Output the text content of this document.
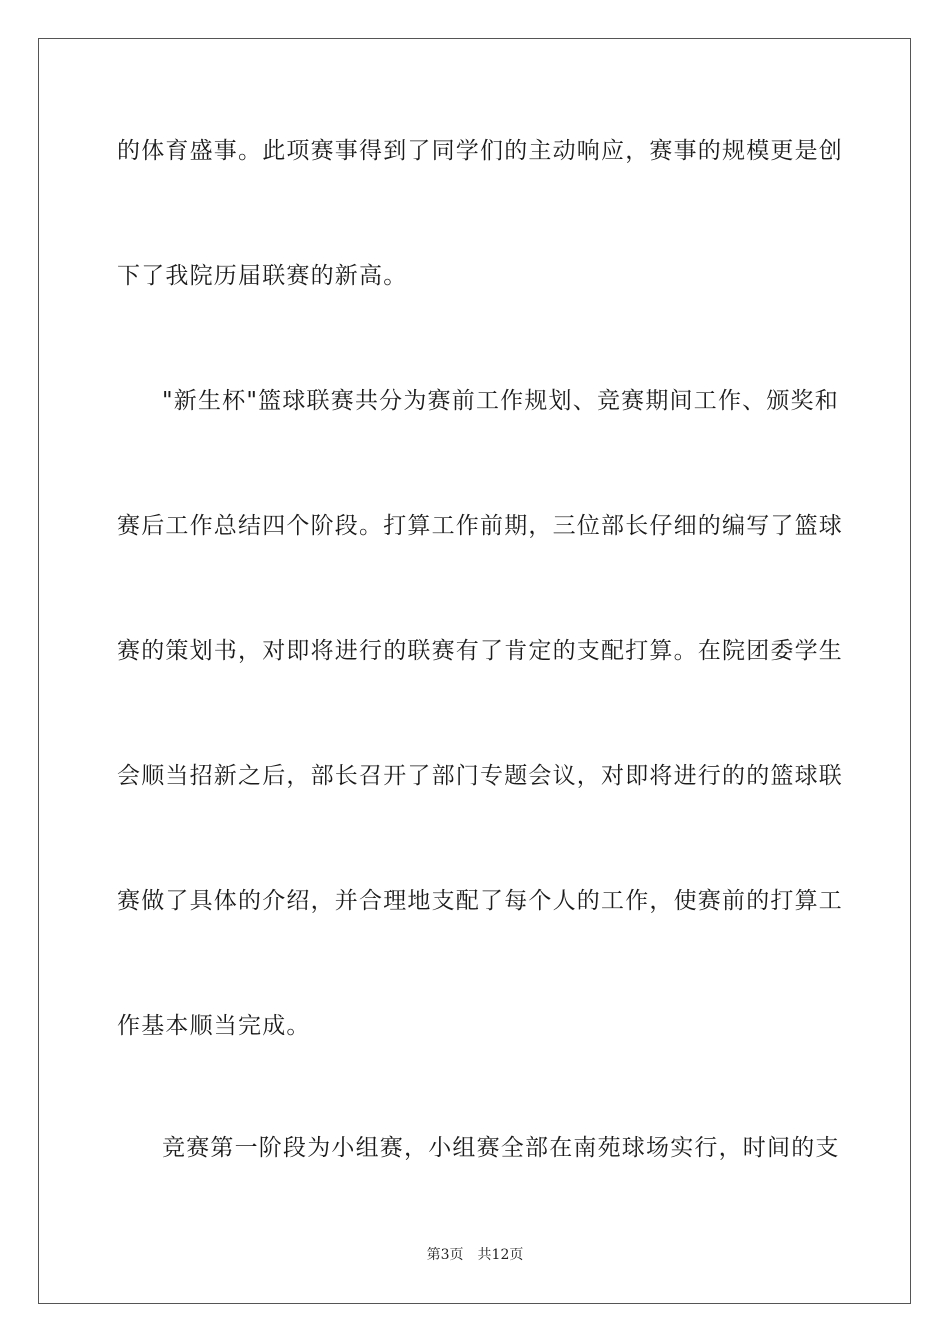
的体育盛事。此项赛事得到了同学们的主动响应，赛事的规模更是创
下了我院历届联赛的新高。
"新生杯"篮球联赛共分为赛前工作规划、竞赛期间工作、颁奖和
赛后工作总结四个阶段。打算工作前期，三位部长仔细的编写了篮球
赛的策划书，对即将进行的联赛有了肯定的支配打算。在院团委学生
会顺当招新之后，部长召开了部门专题会议，对即将进行的的篮球联
赛做了具体的介绍，并合理地支配了每个人的工作，使赛前的打算工
作基本顺当完成。
竞赛第一阶段为小组赛，小组赛全部在南苑球场实行，时间的支
第3页 共12页
